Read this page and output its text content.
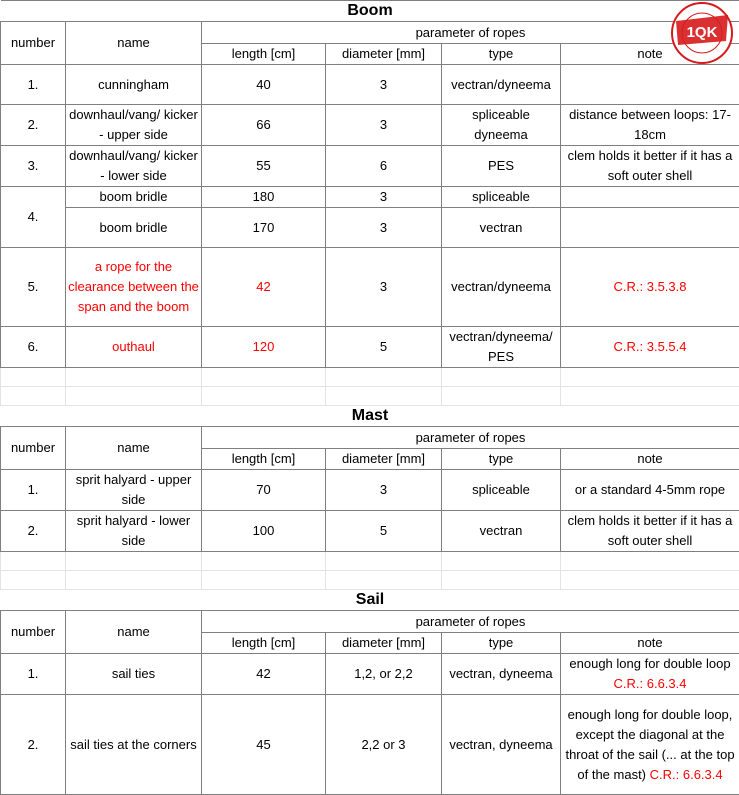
Boom					
number	name	parameter of ropes			
		length [cm]	diameter [mm]	type	note
1.	cunningham	40	3	vectran/dyneema	
2.	downhaul/vang/ kicker - upper side	66	3	spliceable dyneema	distance between loops: 17-18cm
3.	downhaul/vang/ kicker - lower side	55	6	PES	clem holds it better if it has a soft outer shell
4.	boom bridle	180	3	spliceable	
	boom bridle	170	3	vectran	
5.	a rope for the clearance between the span and the boom	42	3	vectran/dyneema	C.R.: 3.5.3.8
6.	outhaul	120	5	vectran/dyneema/ PES	C.R.: 3.5.5.4

Mast					
number	name	parameter of ropes			
		length [cm]	diameter [mm]	type	note
1.	sprit halyard - upper side	70	3	spliceable	or a standard 4-5mm rope
2.	sprit halyard - lower side	100	5	vectran	clem holds it better if it has a soft outer shell

Sail					
number	name	parameter of ropes			
		length [cm]	diameter [mm]	type	note
1.	sail ties	42	1,2, or 2,2	vectran, dyneema	enough long for double loop C.R.: 6.6.3.4
2.	sail ties at the corners	45	2,2 or 3	vectran, dyneema	enough long for double loop, except the diagonal at the throat of the sail (... at the top of the mast) C.R.: 6.6.3.4
1QK
